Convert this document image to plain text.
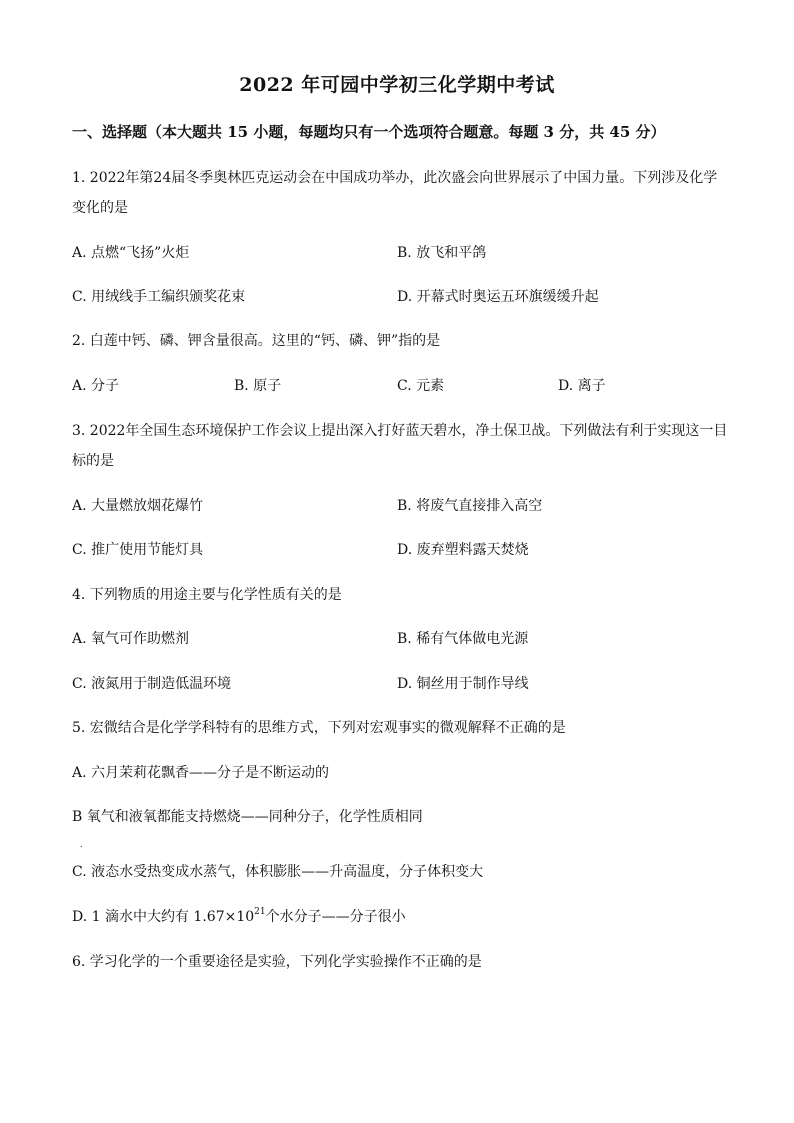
2022 年可园中学初三化学期中考试
一、选择题（本大题共 15 小题，每题均只有一个选项符合题意。每题 3 分，共 45 分）
1. 2022年第24届冬季奥林匹克运动会在中国成功举办，此次盛会向世界展示了中国力量。下列涉及化学
变化的是
A. 点燃“飞扬”火炬	B. 放飞和平鸽
C. 用绒线手工编织颁奖花束	D. 开幕式时奥运五环旗缓缓升起
2. 白莲中钙、磷、钾含量很高。这里的“钙、磷、钾”指的是
A. 分子	B. 原子	C. 元素	D. 离子
3. 2022年全国生态环境保护工作会议上提出深入打好蓝天碧水，净土保卫战。下列做法有利于实现这一目
标的是
A. 大量燃放烟花爆竹	B. 将废气直接排入高空
C. 推广使用节能灯具	D. 废弃塑料露天焚烧
4. 下列物质的用途主要与化学性质有关的是
A. 氧气可作助燃剂	B. 稀有气体做电光源
C. 液氮用于制造低温环境	D. 铜丝用于制作导线
5. 宏微结合是化学学科特有的思维方式，下列对宏观事实的微观解释不正确的是
A. 六月茉莉花飘香——分子是不断运动的
B 氧气和液氧都能支持燃烧——同种分子，化学性质相同
.
C. 液态水受热变成水蒸气，体积膨胀——升高温度，分子体积变大
D. 1 滴水中大约有 $1.67\times 10^{21}$个水分子——分子很小
6. 学习化学的一个重要途径是实验，下列化学实验操作不正确的是
